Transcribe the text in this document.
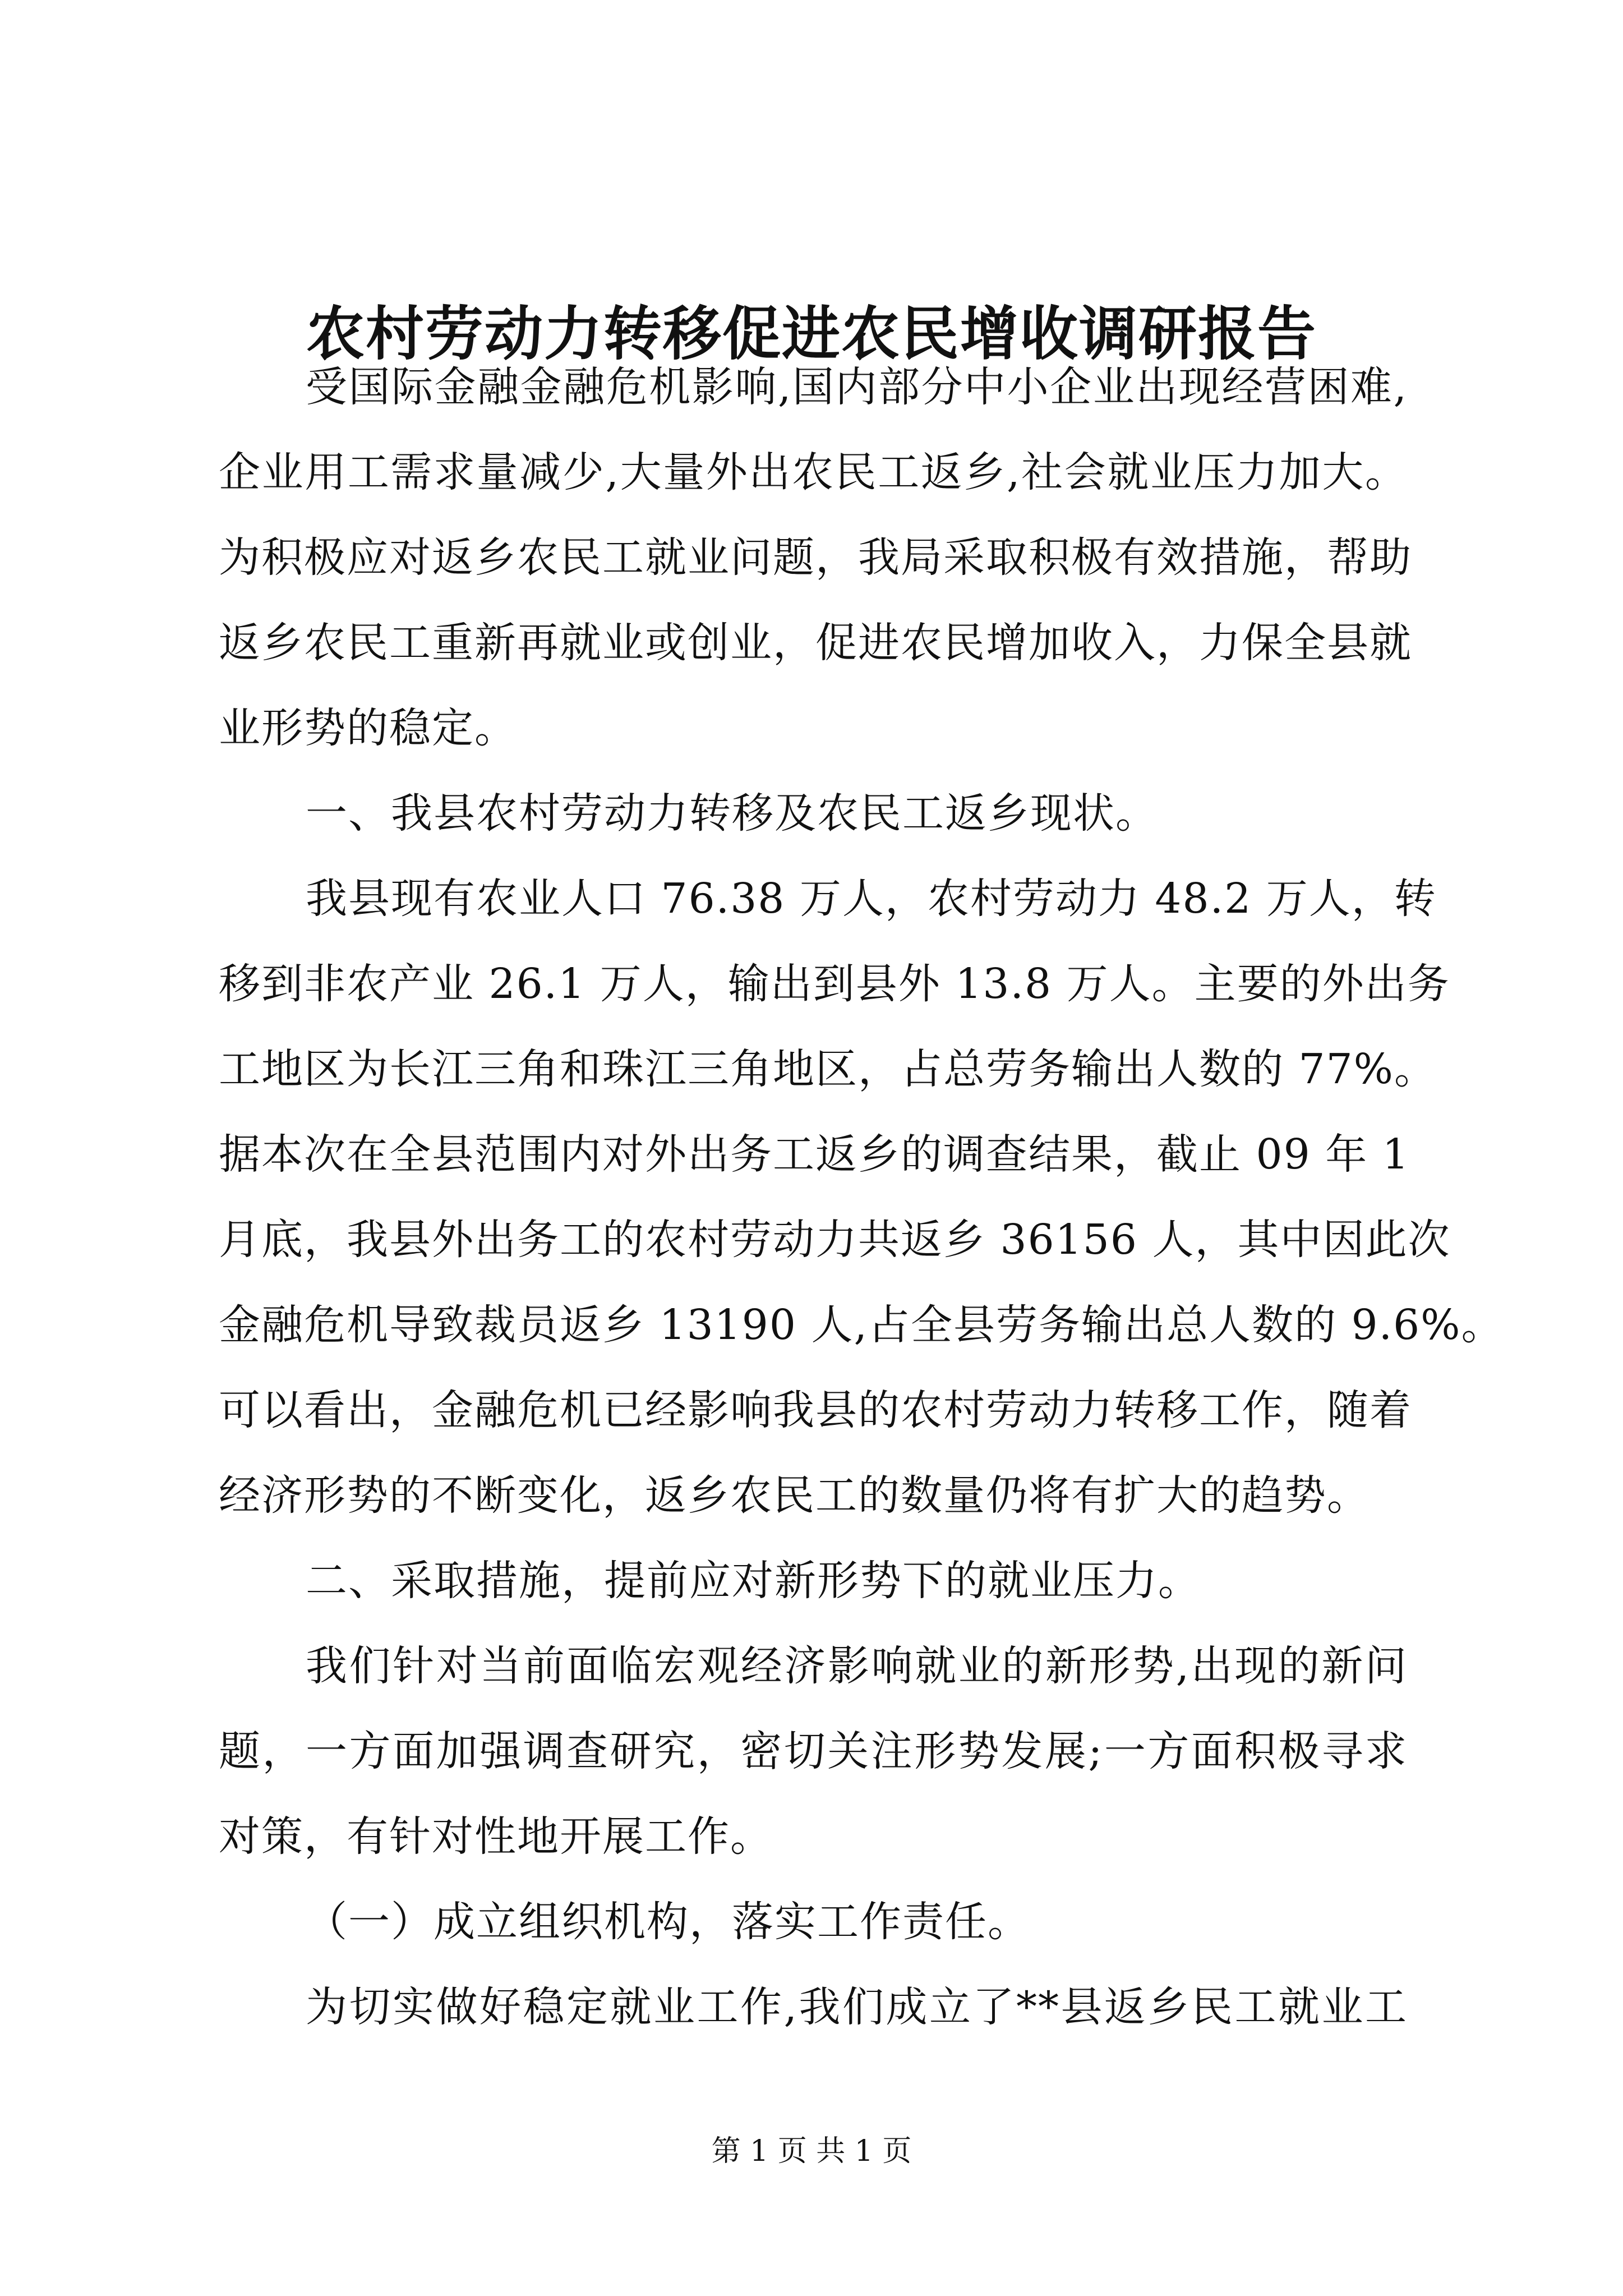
农村劳动力转移促进农民增收调研报告
受国际金融金融危机影响,国内部分中小企业出现经营困难,
企业用工需求量减少,大量外出农民工返乡,社会就业压力加大。
为积极应对返乡农民工就业问题，我局采取积极有效措施，帮助
返乡农民工重新再就业或创业，促进农民增加收入，力保全县就
业形势的稳定。
一、我县农村劳动力转移及农民工返乡现状。
我县现有农业人口 76.38 万人，农村劳动力 48.2 万人，转
移到非农产业 26.1 万人，输出到县外 13.8 万人。主要的外出务
工地区为长江三角和珠江三角地区，占总劳务输出人数的 77%。
据本次在全县范围内对外出务工返乡的调查结果，截止 09 年 1
月底，我县外出务工的农村劳动力共返乡 36156 人，其中因此次
金融危机导致裁员返乡 13190 人,占全县劳务输出总人数的 9.6%。
可以看出，金融危机已经影响我县的农村劳动力转移工作，随着
经济形势的不断变化，返乡农民工的数量仍将有扩大的趋势。
二、采取措施，提前应对新形势下的就业压力。
我们针对当前面临宏观经济影响就业的新形势,出现的新问
题，一方面加强调查研究，密切关注形势发展;一方面积极寻求
对策，有针对性地开展工作。
（一）成立组织机构，落实工作责任。
为切实做好稳定就业工作,我们成立了**县返乡民工就业工
第 1 页 共 1 页
